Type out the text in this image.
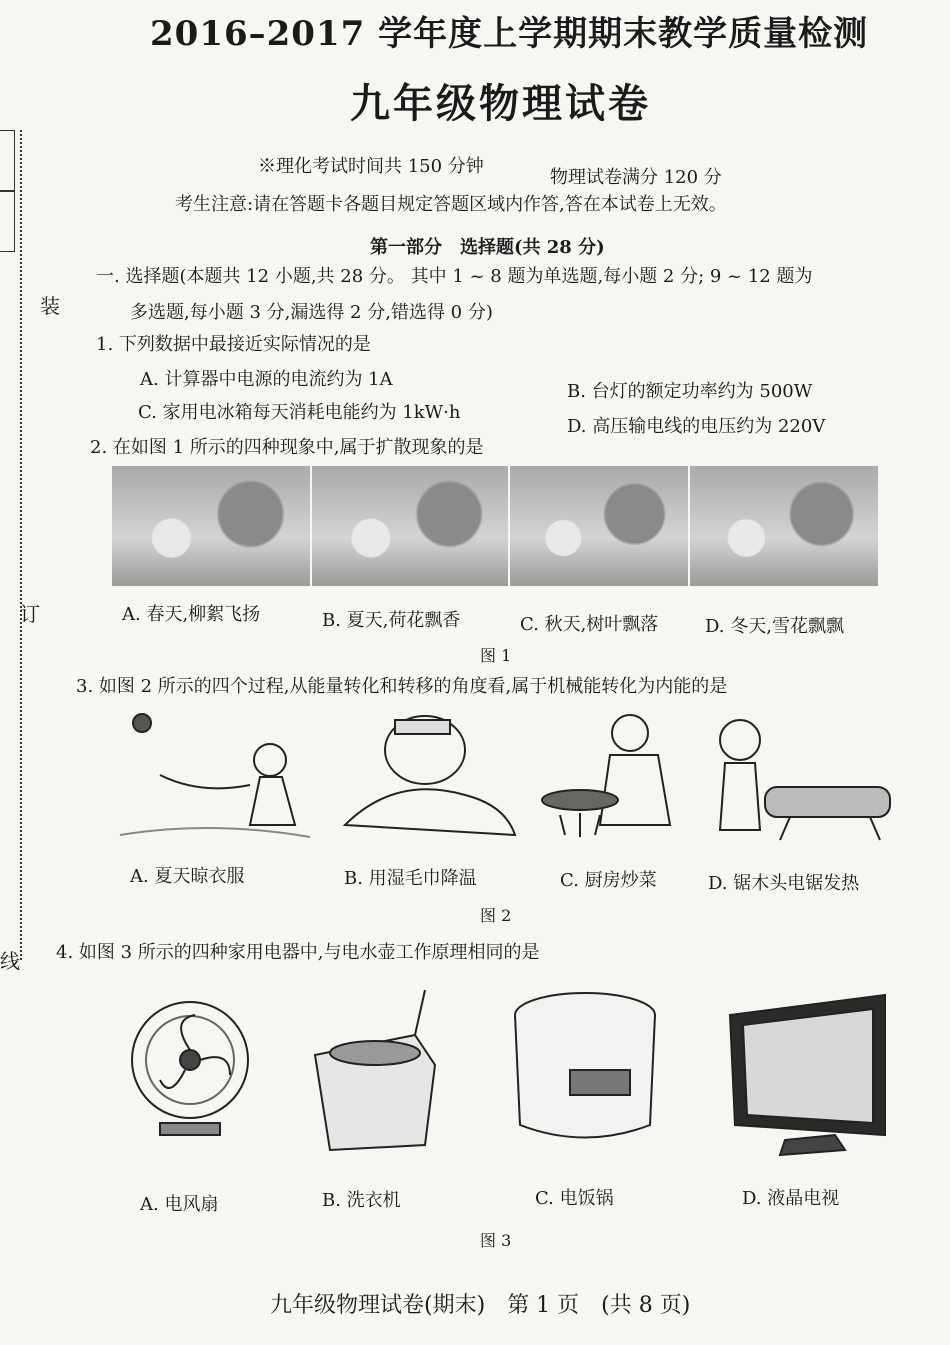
装
订
线
2016–2017 学年度上学期期末教学质量检测
九年级物理试卷
※理化考试时间共 150 分钟
物理试卷满分 120 分
考生注意:请在答题卡各题目规定答题区域内作答,答在本试卷上无效。
第一部分　选择题(共 28 分)
一. 选择题(本题共 12 小题,共 28 分。 其中 1 ~ 8 题为单选题,每小题 2 分; 9 ~ 12 题为
多选题,每小题 3 分,漏选得 2 分,错选得 0 分)
1. 下列数据中最接近实际情况的是
A. 计算器中电源的电流约为 1A
B. 台灯的额定功率约为 500W
C. 家用电冰箱每天消耗电能约为 1kW·h
D. 高压输电线的电压约为 220V
2. 在如图 1 所示的四种现象中,属于扩散现象的是
A. 春天,柳絮飞扬	B. 夏天,荷花飘香	C. 秋天,树叶飘落	D. 冬天,雪花飘飘
图 1
3. 如图 2 所示的四个过程,从能量转化和转移的角度看,属于机械能转化为内能的是
A. 夏天晾衣服	B. 用湿毛巾降温	C. 厨房炒菜	D. 锯木头电锯发热
图 2
4. 如图 3 所示的四种家用电器中,与电水壶工作原理相同的是
A. 电风扇	B. 洗衣机	C. 电饭锅	D. 液晶电视
图 3
九年级物理试卷(期末)　第 1 页　(共 8 页)
